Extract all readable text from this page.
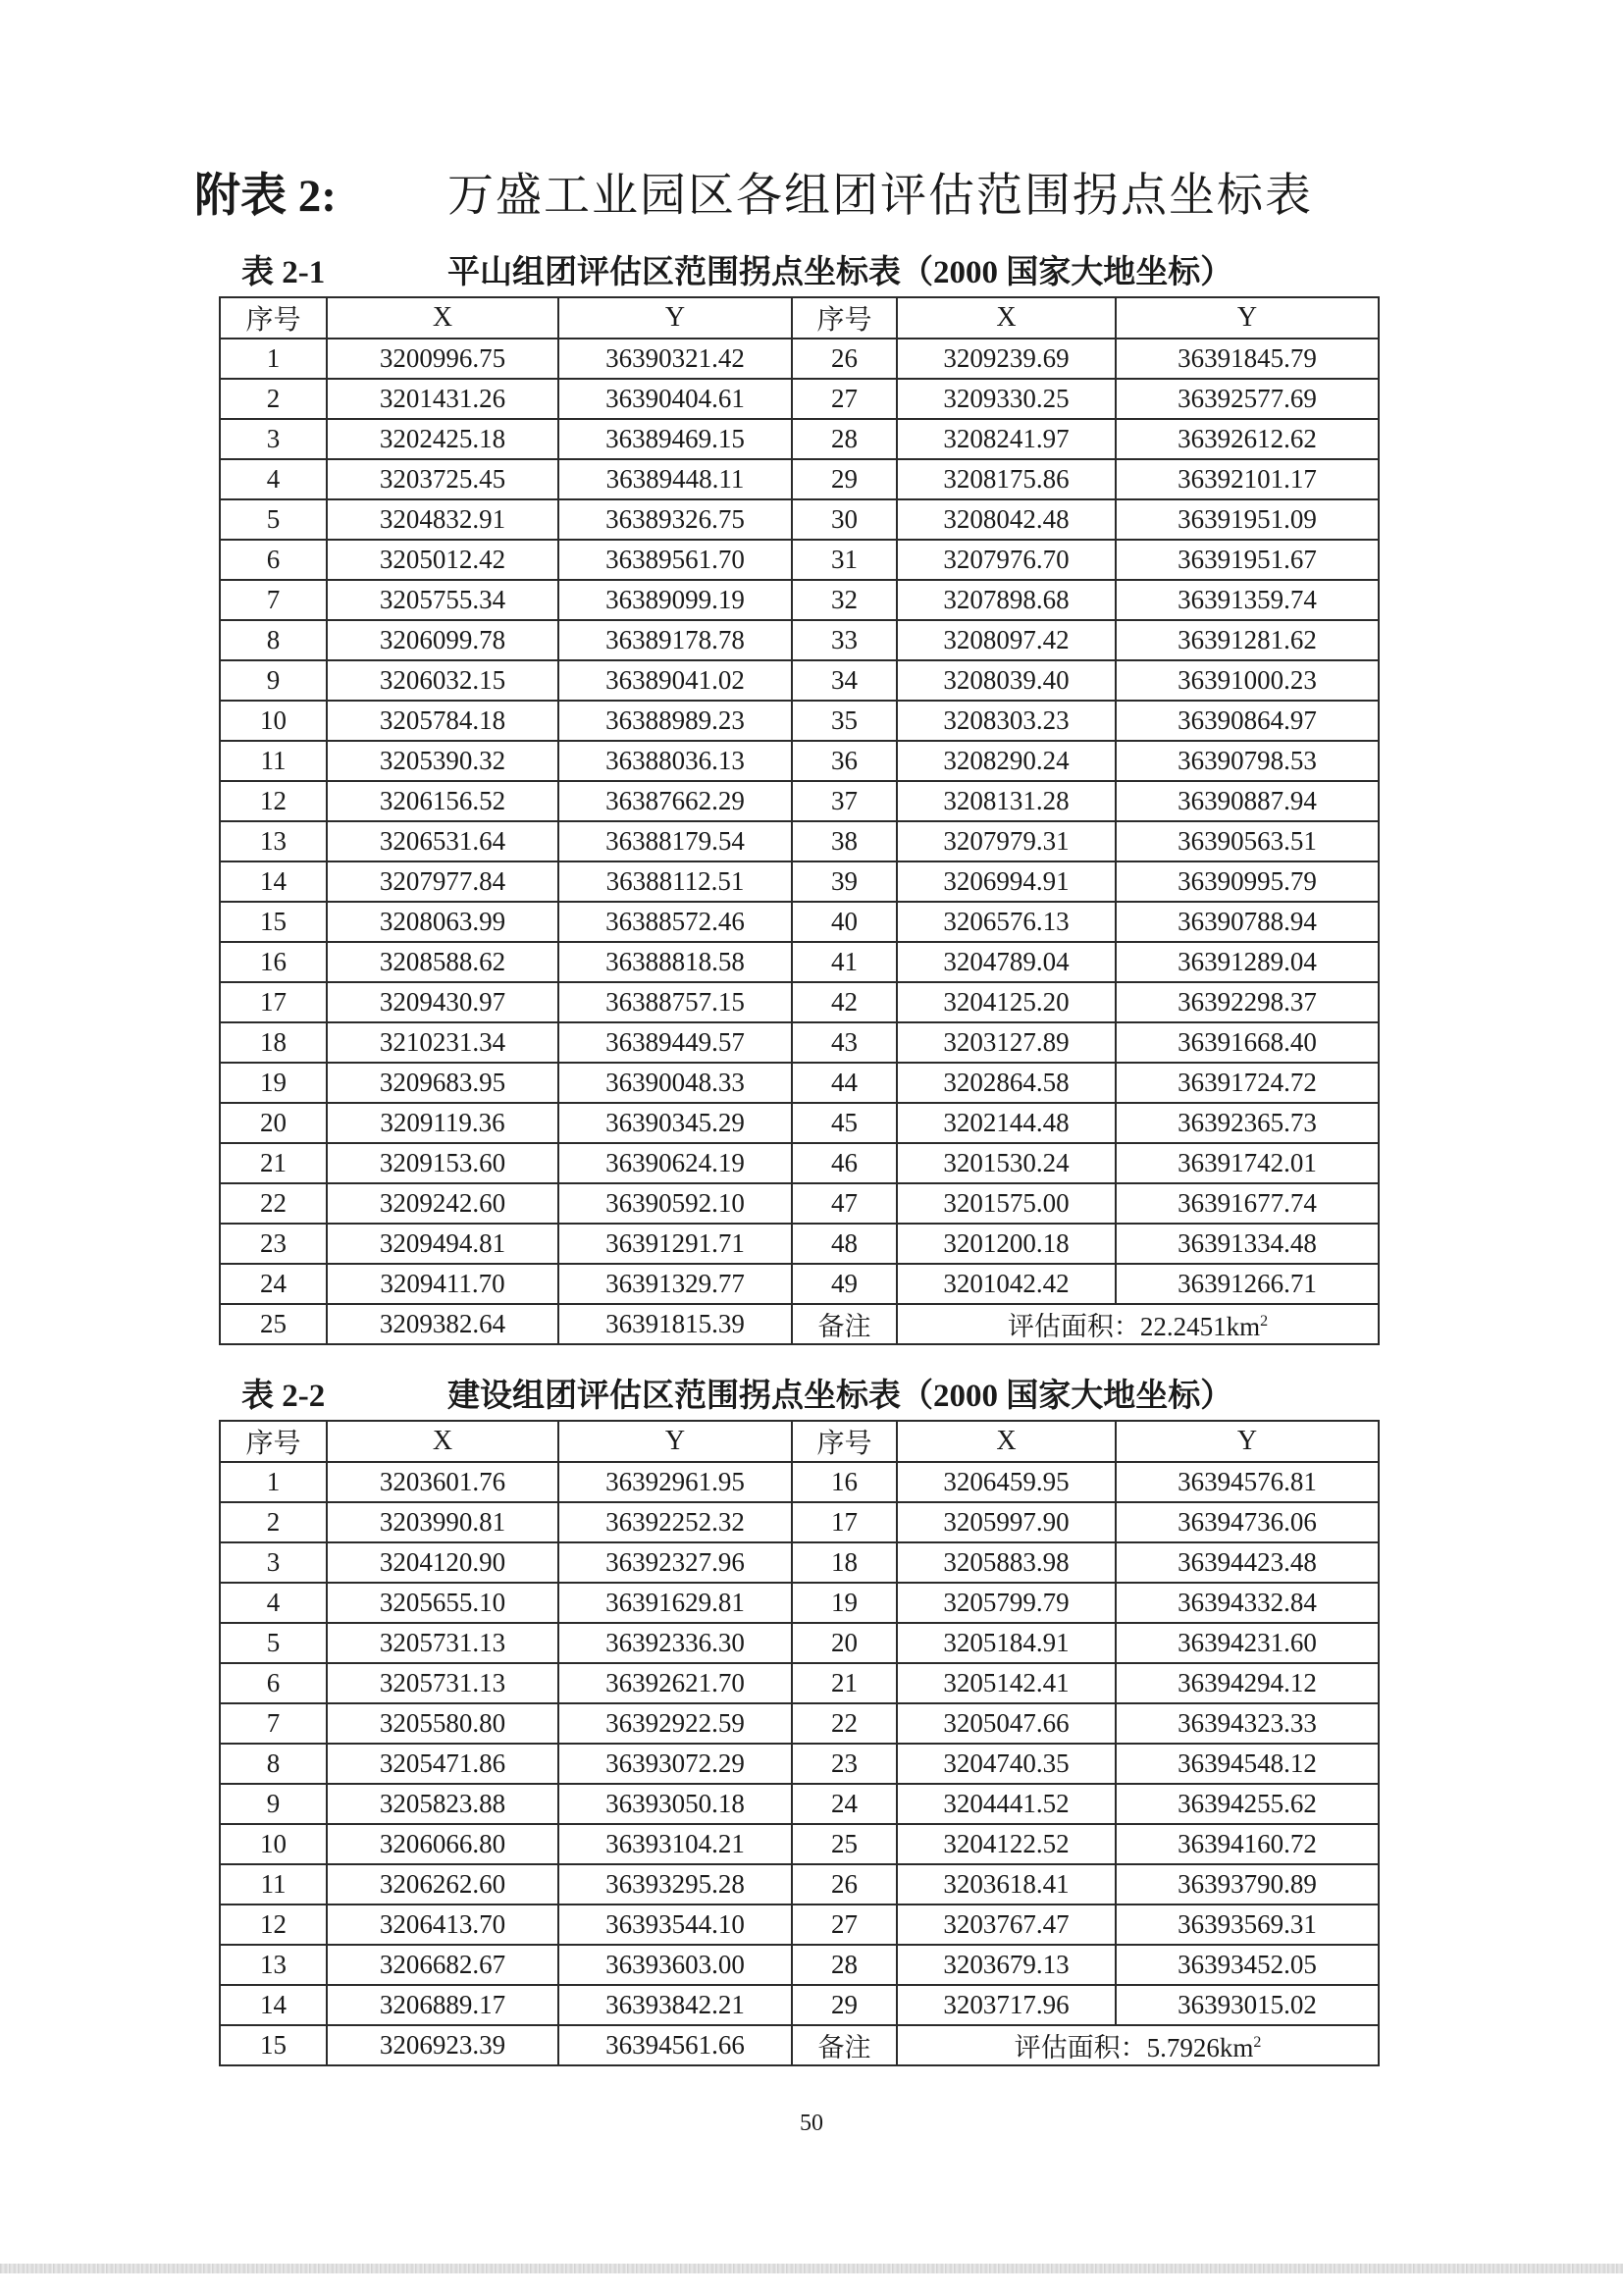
附表 2: 万盛工业园区各组团评估范围拐点坐标表
表 2-1	平山组团评估区范围拐点坐标表（2000 国家大地坐标）
序号	X	Y	序号	X	Y
1	3200996.75	36390321.42	26	3209239.69	36391845.79
2	3201431.26	36390404.61	27	3209330.25	36392577.69
3	3202425.18	36389469.15	28	3208241.97	36392612.62
4	3203725.45	36389448.11	29	3208175.86	36392101.17
5	3204832.91	36389326.75	30	3208042.48	36391951.09
6	3205012.42	36389561.70	31	3207976.70	36391951.67
7	3205755.34	36389099.19	32	3207898.68	36391359.74
8	3206099.78	36389178.78	33	3208097.42	36391281.62
9	3206032.15	36389041.02	34	3208039.40	36391000.23
10	3205784.18	36388989.23	35	3208303.23	36390864.97
11	3205390.32	36388036.13	36	3208290.24	36390798.53
12	3206156.52	36387662.29	37	3208131.28	36390887.94
13	3206531.64	36388179.54	38	3207979.31	36390563.51
14	3207977.84	36388112.51	39	3206994.91	36390995.79
15	3208063.99	36388572.46	40	3206576.13	36390788.94
16	3208588.62	36388818.58	41	3204789.04	36391289.04
17	3209430.97	36388757.15	42	3204125.20	36392298.37
18	3210231.34	36389449.57	43	3203127.89	36391668.40
19	3209683.95	36390048.33	44	3202864.58	36391724.72
20	3209119.36	36390345.29	45	3202144.48	36392365.73
21	3209153.60	36390624.19	46	3201530.24	36391742.01
22	3209242.60	36390592.10	47	3201575.00	36391677.74
23	3209494.81	36391291.71	48	3201200.18	36391334.48
24	3209411.70	36391329.77	49	3201042.42	36391266.71
25	3209382.64	36391815.39	备注	评估面积：$22.2451km^2$
表 2-2	建设组团评估区范围拐点坐标表（2000 国家大地坐标）
序号	X	Y	序号	X	Y
1	3203601.76	36392961.95	16	3206459.95	36394576.81
2	3203990.81	36392252.32	17	3205997.90	36394736.06
3	3204120.90	36392327.96	18	3205883.98	36394423.48
4	3205655.10	36391629.81	19	3205799.79	36394332.84
5	3205731.13	36392336.30	20	3205184.91	36394231.60
6	3205731.13	36392621.70	21	3205142.41	36394294.12
7	3205580.80	36392922.59	22	3205047.66	36394323.33
8	3205471.86	36393072.29	23	3204740.35	36394548.12
9	3205823.88	36393050.18	24	3204441.52	36394255.62
10	3206066.80	36393104.21	25	3204122.52	36394160.72
11	3206262.60	36393295.28	26	3203618.41	36393790.89
12	3206413.70	36393544.10	27	3203767.47	36393569.31
13	3206682.67	36393603.00	28	3203679.13	36393452.05
14	3206889.17	36393842.21	29	3203717.96	36393015.02
15	3206923.39	36394561.66	备注	评估面积：$5.7926km^2$
50
